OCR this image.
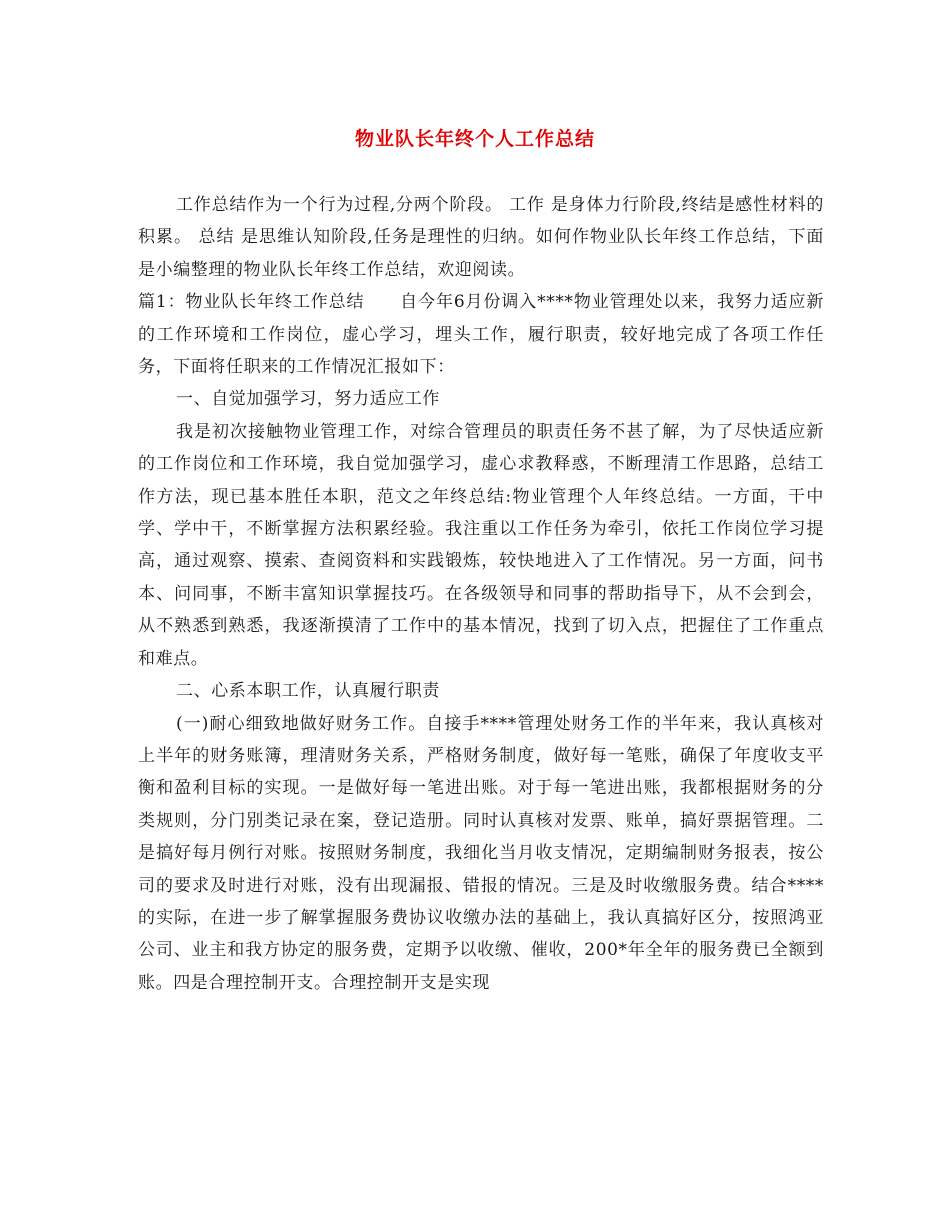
物业队长年终个人工作总结

工作总结作为一个行为过程,分两个阶段。 工作 是身体力行阶段,终结是感性材料的积累。 总结 是思维认知阶段,任务是理性的归纳。如何作物业队长年终工作总结，下面是小编整理的物业队长年终工作总结，欢迎阅读。

篇1：物业队长年终工作总结　　自今年6月份调入****物业管理处以来，我努力适应新的工作环境和工作岗位，虚心学习，埋头工作，履行职责，较好地完成了各项工作任务，下面将任职来的工作情况汇报如下：

一、自觉加强学习，努力适应工作

我是初次接触物业管理工作，对综合管理员的职责任务不甚了解，为了尽快适应新的工作岗位和工作环境，我自觉加强学习，虚心求教释惑，不断理清工作思路，总结工作方法，现已基本胜任本职，范文之年终总结:物业管理个人年终总结。一方面，干中学、学中干，不断掌握方法积累经验。我注重以工作任务为牵引，依托工作岗位学习提高，通过观察、摸索、查阅资料和实践锻炼，较快地进入了工作情况。另一方面，问书本、问同事，不断丰富知识掌握技巧。在各级领导和同事的帮助指导下，从不会到会，从不熟悉到熟悉，我逐渐摸清了工作中的基本情况，找到了切入点，把握住了工作重点和难点。

二、心系本职工作，认真履行职责

(一)耐心细致地做好财务工作。自接手****管理处财务工作的半年来，我认真核对上半年的财务账簿，理清财务关系，严格财务制度，做好每一笔账，确保了年度收支平衡和盈利目标的实现。一是做好每一笔进出账。对于每一笔进出账，我都根据财务的分类规则，分门别类记录在案，登记造册。同时认真核对发票、账单，搞好票据管理。二是搞好每月例行对账。按照财务制度，我细化当月收支情况，定期编制财务报表，按公司的要求及时进行对账，没有出现漏报、错报的情况。三是及时收缴服务费。结合****的实际，在进一步了解掌握服务费协议收缴办法的基础上，我认真搞好区分，按照鸿亚公司、业主和我方协定的服务费，定期予以收缴、催收，200*年全年的服务费已全额到账。四是合理控制开支。合理控制开支是实现
